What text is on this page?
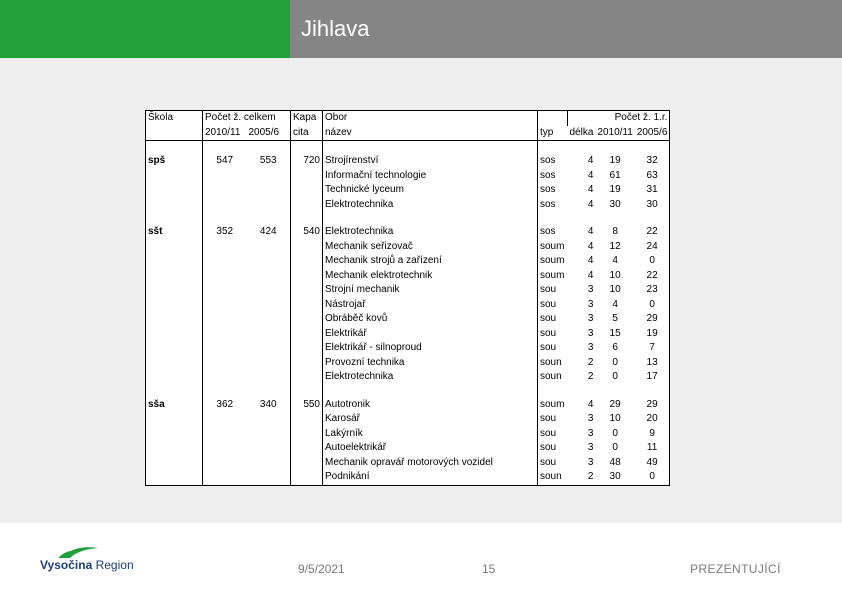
Jihlava
Škola	Počet ž. celkem		Kapa	Obor		Počet ž. 1.r.		
	2010/11	2005/6	cita	název	typ	délka	2010/11	2005/6

spš	547	553	720	Strojírenství	sos	4	19	32
				Informační technologie	sos	4	61	63
				Technické lyceum	sos	4	19	31
				Elektrotechnika	sos	4	30	30

sšt	352	424	540	Elektrotechnika	sos	4	8	22
				Mechanik seřizovač	soum	4	12	24
				Mechanik strojů a zařízení	soum	4	4	0
				Mechanik elektrotechnik	soum	4	10	22
				Strojní mechanik	sou	3	10	23
				Nástrojař	sou	3	4	0
				Obráběč kovů	sou	3	5	29
				Elektrikář	sou	3	15	19
				Elektrikář - silnoproud	sou	3	6	7
				Provozní technika	soun	2	0	13
				Elektrotechnika	soun	2	0	17

sša	362	340	550	Autotronik	soum	4	29	29
				Karosář	sou	3	10	20
				Lakýrník	sou	3	0	9
				Autoelektrikář	sou	3	0	11
				Mechanik opravář motorových vozidel	sou	3	48	49
				Podnikání	soun	2	30	0
Vysočina Region	9/5/2021	15	PREZENTUJÍCÍ
